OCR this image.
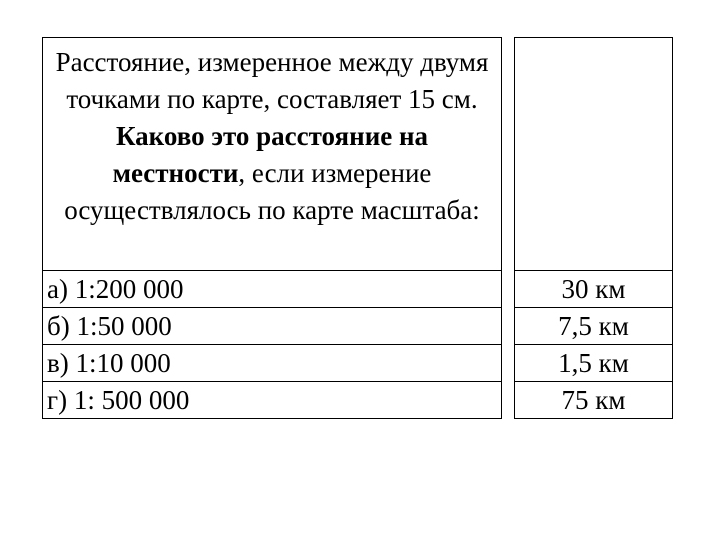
Расстояние, измеренное между двумя точками по карте, составляет 15 см. Каково это расстояние на местности, если измерение осуществлялось по карте масштаба:
а) 1:200 000
б) 1:50 000
в) 1:10 000
г) 1: 500 000
30 км
7,5 км
1,5 км
75 км
